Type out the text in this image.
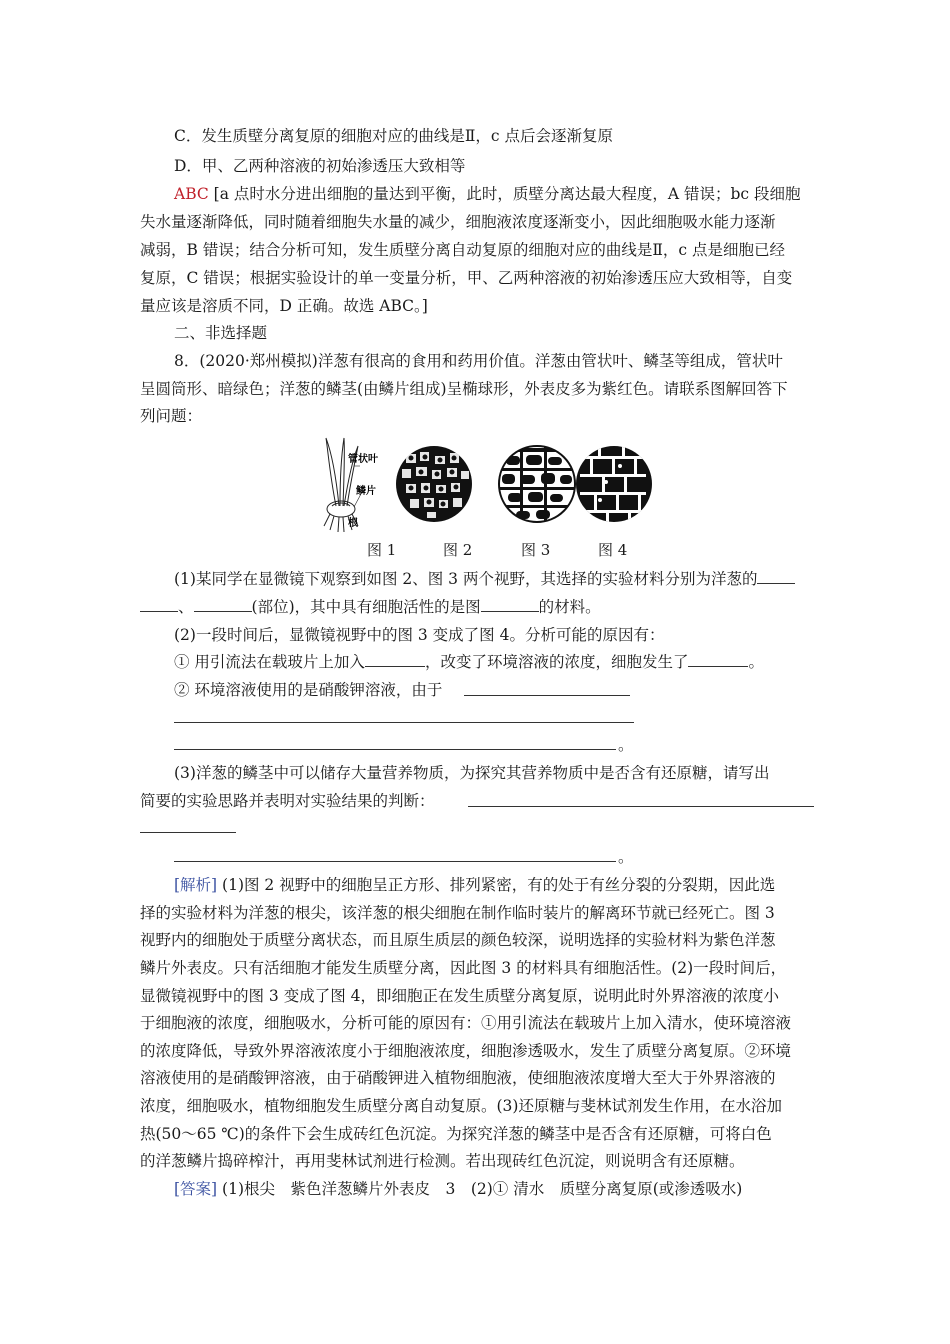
C．发生质壁分离复原的细胞对应的曲线是Ⅱ，c 点后会逐渐复原
D．甲、乙两种溶液的初始渗透压大致相等
ABC [a 点时水分进出细胞的量达到平衡，此时，质壁分离达最大程度，A 错误；bc 段细胞
失水量逐渐降低，同时随着细胞失水量的减少，细胞液浓度逐渐变小，因此细胞吸水能力逐渐
减弱，B 错误；结合分析可知，发生质壁分离自动复原的细胞对应的曲线是Ⅱ，c 点是细胞已经
复原，C 错误；根据实验设计的单一变量分析，甲、乙两种溶液的初始渗透压应大致相等，自变
量应该是溶质不同，D 正确。故选 ABC。]
二、非选择题
8．(2020·郑州模拟)洋葱有很高的食用和药用价值。洋葱由管状叶、鳞茎等组成，管状叶
呈圆筒形、暗绿色；洋葱的鳞茎(由鳞片组成)呈椭球形，外表皮多为紫红色。请联系图解回答下
列问题：
管状叶
鳞片
根
图 1	图 2	图 3	图 4
(1)某同学在显微镜下观察到如图 2、图 3 两个视野，其选择的实验材料分别为洋葱的
、	(部位)，其中具有细胞活性的是图	的材料。
(2)一段时间后，显微镜视野中的图 3 变成了图 4。分析可能的原因有：
① 用引流法在载玻片上加入	，改变了环境溶液的浓度，细胞发生了	。
② 环境溶液使用的是硝酸钾溶液，由于
。
(3)洋葱的鳞茎中可以储存大量营养物质，为探究其营养物质中是否含有还原糖，请写出
简要的实验思路并表明对实验结果的判断：
。
[解析] (1)图 2 视野中的细胞呈正方形、排列紧密，有的处于有丝分裂的分裂期，因此选
择的实验材料为洋葱的根尖，该洋葱的根尖细胞在制作临时装片的解离环节就已经死亡。图 3
视野内的细胞处于质壁分离状态，而且原生质层的颜色较深，说明选择的实验材料为紫色洋葱
鳞片外表皮。只有活细胞才能发生质壁分离，因此图 3 的材料具有细胞活性。(2)一段时间后，
显微镜视野中的图 3 变成了图 4，即细胞正在发生质壁分离复原，说明此时外界溶液的浓度小
于细胞液的浓度，细胞吸水，分析可能的原因有：①用引流法在载玻片上加入清水，使环境溶液
的浓度降低，导致外界溶液浓度小于细胞液浓度，细胞渗透吸水，发生了质壁分离复原。②环境
溶液使用的是硝酸钾溶液，由于硝酸钾进入植物细胞液，使细胞液浓度增大至大于外界溶液的
浓度，细胞吸水，植物细胞发生质壁分离自动复原。(3)还原糖与斐林试剂发生作用，在水浴加
热(50～65 ℃)的条件下会生成砖红色沉淀。为探究洋葱的鳞茎中是否含有还原糖，可将白色
的洋葱鳞片捣碎榨汁，再用斐林试剂进行检测。若出现砖红色沉淀，则说明含有还原糖。
[答案] (1)根尖　紫色洋葱鳞片外表皮　3　(2)① 清水　质壁分离复原(或渗透吸水)
